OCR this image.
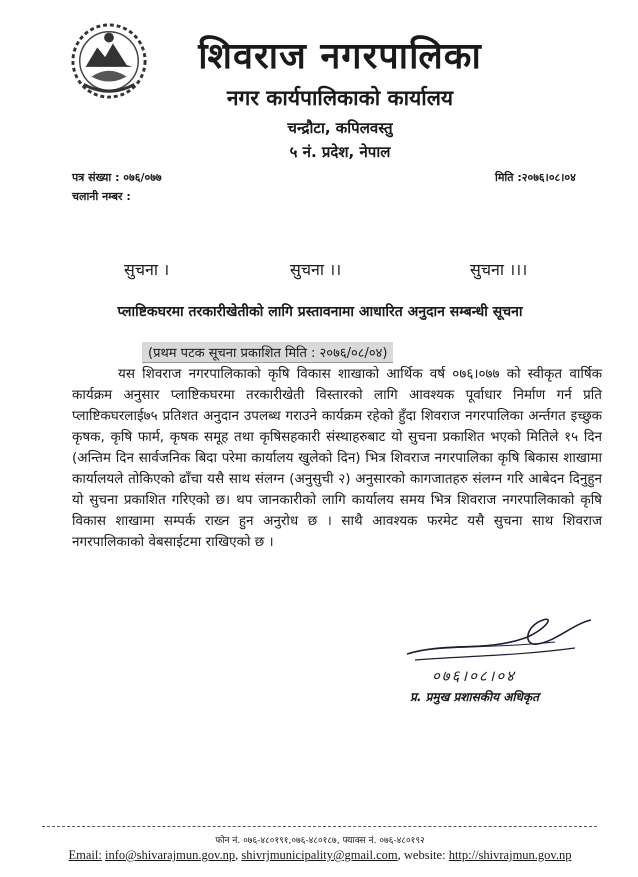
शिवराज नगरपालिका
नगर कार्यपालिकाको कार्यालय
चन्द्रौटा, कपिलवस्तु
५ नं. प्रदेश, नेपाल
पत्र संख्या : ०७६/०७७
चलानी नम्बर :
मिति :२०७६।०८।०४
सुचना ।	सुचना ।।	सुचना ।।।
प्लाष्टिकघरमा तरकारीखेतीको लागि प्रस्तावनामा आधारित अनुदान सम्बन्धी सूचना
(प्रथम पटक सूचना प्रकाशित मिति : २०७६/०८/०४)
यस शिवराज नगरपालिकाको कृषि विकास शाखाको आर्थिक वर्ष ०७६।०७७ को स्वीकृत वार्षिक कार्यक्रम अनुसार प्लाष्टिकघरमा तरकारीखेती विस्तारको लागि आवश्यक पूर्वाधार निर्माण गर्न प्रति प्लाष्टिकघरलाई७५ प्रतिशत अनुदान उपलब्ध गराउने कार्यक्रम रहेको हुँदा शिवराज नगरपालिका अर्न्तगत इच्छुक कृषक, कृषि फार्म, कृषक समूह तथा कृषिसहकारी संस्थाहरुबाट यो सुचना प्रकाशित भएको मितिले १५ दिन (अन्तिम दिन सार्वजनिक बिदा परेमा कार्यालय खुलेको दिन) भित्र शिवराज नगरपालिका कृषि बिकास शाखामा कार्यालयले तोकिएको ढाँचा यसै साथ संलग्न (अनुसुची २) अनुसारको कागजातहरु संलग्न गरि आबेदन दिनुहुन यो सुचना प्रकाशित गरिएको छ। थप जानकारीको लागि कार्यालय समय भित्र शिवराज नगरपालिकाको कृषि विकास शाखामा सम्पर्क राख्न हुन अनुरोध छ । साथै आवश्यक फरमेट यसै सुचना साथ शिवराज नगरपालिकाको वेबसाईटमा राखिएको छ ।
०७६।०८।०४
प्र. प्रमुख प्रशासकीय अधिकृत
फोन नं. ०७६-४८०१९१,०७६-४८०१८७, फ्याक्स नं. ०७६-४८०१९२
Email: info@shivarajmun.gov.np, shivrjmunicipality@gmail.com, website: http://shivrajmun.gov.np
